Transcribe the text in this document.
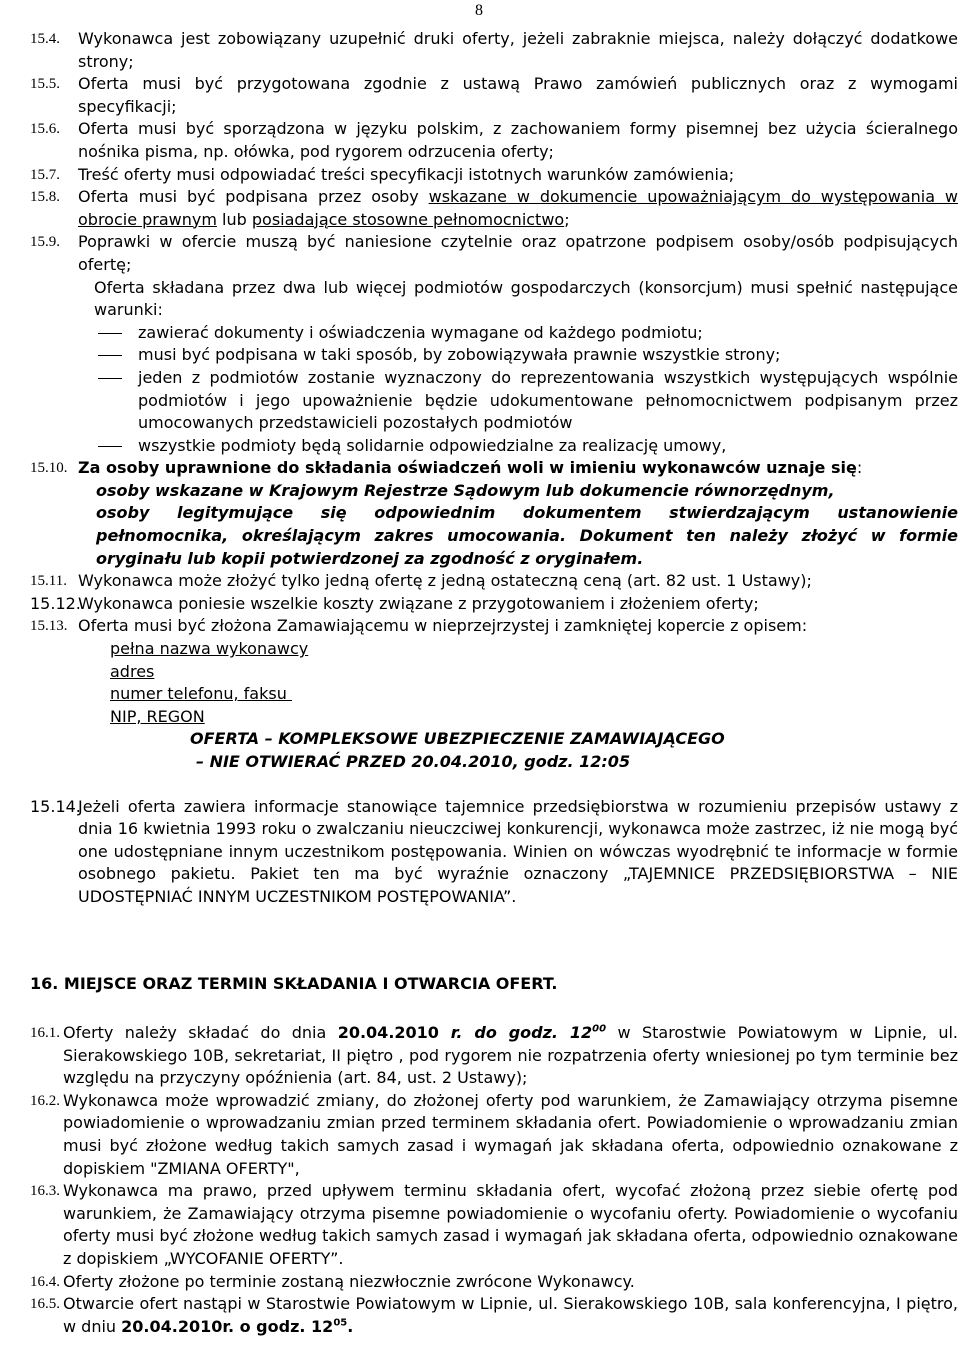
8

15.4. Wykonawca jest zobowiązany uzupełnić druki oferty, jeżeli zabraknie miejsca, należy dołączyć dodatkowe strony;

15.5. Oferta musi być przygotowana zgodnie z ustawą Prawo zamówień publicznych oraz z wymogami specyfikacji;

15.6. Oferta musi być sporządzona w języku polskim, z zachowaniem formy pisemnej bez użycia ścieralnego nośnika pisma, np. ołówka, pod rygorem odrzucenia oferty;

15.7. Treść oferty musi odpowiadać treści specyfikacji istotnych warunków zamówienia;

15.8. Oferta musi być podpisana przez osoby wskazane w dokumencie upoważniającym do występowania w obrocie prawnym lub posiadające stosowne pełnomocnictwo;

15.9. Poprawki w ofercie muszą być naniesione czytelnie oraz opatrzone podpisem osoby/osób podpisujących ofertę;

Oferta składana przez dwa lub więcej podmiotów gospodarczych (konsorcjum) musi spełnić następujące warunki:

zawierać dokumenty i oświadczenia wymagane od każdego podmiotu;

musi być podpisana w taki sposób, by zobowiązywała prawnie wszystkie strony;

jeden z podmiotów zostanie wyznaczony do reprezentowania wszystkich występujących wspólnie podmiotów i jego upoważnienie będzie udokumentowane pełnomocnictwem podpisanym przez umocowanych przedstawicieli pozostałych podmiotów

wszystkie podmioty będą solidarnie odpowiedzialne za realizację umowy,

15.10. Za osoby uprawnione do składania oświadczeń woli w imieniu wykonawców uznaje się:

osoby wskazane w Krajowym Rejestrze Sądowym lub dokumencie równorzędnym,

osoby legitymujące się odpowiednim dokumentem stwierdzającym ustanowienie pełnomocnika, określającym zakres umocowania. Dokument ten należy złożyć w formie oryginału lub kopii potwierdzonej za zgodność z oryginałem.

15.11. Wykonawca może złożyć tylko jedną ofertę z jedną ostateczną ceną (art. 82 ust. 1 Ustawy);

15.12.
Wykonawca poniesie wszelkie koszty związane z przygotowaniem i złożeniem oferty;

15.13. Oferta musi być złożona Zamawiającemu w nieprzejrzystej i zamkniętej kopercie z opisem:

pełna nazwa wykonawcy

adres

numer telefonu, faksu

NIP, REGON

OFERTA – KOMPLEKSOWE UBEZPIECZENIE ZAMAWIAJĄCEGO

– NIE OTWIERAĆ PRZED 20.04.2010, godz. 12:05

15.14.
Jeżeli oferta zawiera informacje stanowiące tajemnice przedsiębiorstwa w rozumieniu przepisów ustawy z dnia 16 kwietnia 1993 roku o zwalczaniu nieuczciwej konkurencji, wykonawca może zastrzec, iż nie mogą być one udostępniane innym uczestnikom postępowania. Winien on wówczas wyodrębnić te informacje w formie osobnego pakietu. Pakiet ten ma być wyraźnie oznaczony „TAJEMNICE PRZEDSIĘBIORSTWA – NIE UDOSTĘPNIAĆ INNYM UCZESTNIKOM POSTĘPOWANIA”.

16. MIEJSCE ORAZ TERMIN SKŁADANIA I OTWARCIA OFERT.

16.1. Oferty należy składać do dnia 20.04.2010 r. do godz. $12^{00}$ w Starostwie Powiatowym w Lipnie, ul. Sierakowskiego 10B, sekretariat, II piętro , pod rygorem nie rozpatrzenia oferty wniesionej po tym terminie bez względu na przyczyny opóźnienia (art. 84, ust. 2 Ustawy);

16.2. Wykonawca może wprowadzić zmiany, do złożonej oferty pod warunkiem, że Zamawiający otrzyma pisemne powiadomienie o wprowadzaniu zmian przed terminem składania ofert. Powiadomienie o wprowadzaniu zmian musi być złożone według takich samych zasad i wymagań jak składana oferta, odpowiednio oznakowane z dopiskiem "ZMIANA OFERTY",

16.3. Wykonawca ma prawo, przed upływem terminu składania ofert, wycofać złożoną przez siebie ofertę pod warunkiem, że Zamawiający otrzyma pisemne powiadomienie o wycofaniu oferty. Powiadomienie o wycofaniu oferty musi być złożone według takich samych zasad i wymagań jak składana oferta, odpowiednio oznakowane z dopiskiem „WYCOFANIE OFERTY”.

16.4. Oferty złożone po terminie zostaną niezwłocznie zwrócone Wykonawcy.

16.5. Otwarcie ofert nastąpi w Starostwie Powiatowym w Lipnie, ul. Sierakowskiego 10B, sala konferencyjna, I piętro, w dniu 20.04.2010r. o godz. $12^{05}$.
